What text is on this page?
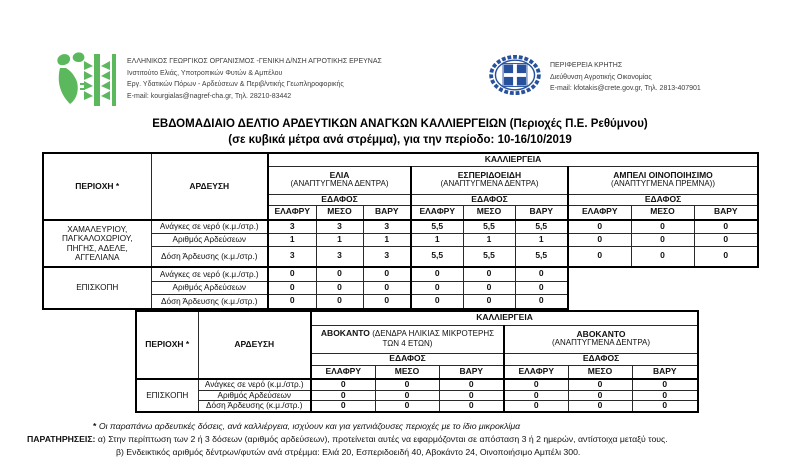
ΕΛΛΗΝΙΚΟΣ ΓΕΩΡΓΙΚΟΣ ΟΡΓΑΝΙΣΜΟΣ -ΓΕΝΙΚΗ Δ/ΝΣΗ ΑΓΡΟΤΙΚΗΣ ΕΡΕΥΝΑΣ
Ινστιτούτο Ελιάς, Υποτροπικών Φυτών & Αμπέλου
Εργ. Υδατικών Πόρων - Αρδεύσεων & Περιβ/ντικής Γεωπληροφορικής
E-mail: kourgialas@nagref-cha.gr, Τηλ. 28210-83442
ΠΕΡΙΦΕΡΕΙΑ ΚΡΗΤΗΣ
Διεύθυνση Αγροτικής Οικονομίας
E-mail: kfotakis@crete.gov.gr, Τηλ. 2813-407901
ΕΒΔΟΜΑΔΙΑΙΟ ΔΕΛΤΙΟ ΑΡΔΕΥΤΙΚΩΝ ΑΝΑΓΚΩΝ ΚΑΛΛΙΕΡΓΕΙΩΝ (Περιοχές Π.Ε. Ρεθύμνου)
(σε κυβικά μέτρα ανά στρέμμα), για την περίοδο: 10-16/10/2019
ΠΕΡΙΟΧΗ *	ΑΡΔΕΥΣΗ	ΚΑΛΛΙΕΡΓΕΙΑ								
		ΕΛΙΑ
(ΑΝΑΠΤΥΓΜΕΝΑ ΔΕΝΤΡΑ)			ΕΣΠΕΡΙΔΟΕΙΔΗ
(ΑΝΑΠΤΥΓΜΕΝΑ ΔΕΝΤΡΑ)			ΑΜΠΕΛΙ ΟΙΝΟΠΟΙΗΣΙΜΟ
(ΑΝΑΠΤΥΓΜΕΝΑ ΠΡΕΜΝΑ))		

		ΕΔΑΦΟΣ			ΕΔΑΦΟΣ			ΕΔΑΦΟΣ		
		ΕΛΑΦΡΥ	ΜΕΣΟ	ΒΑΡΥ	ΕΛΑΦΡΥ	ΜΕΣΟ	ΒΑΡΥ	ΕΛΑΦΡΥ	ΜΕΣΟ	ΒΑΡΥ
ΧΑΜΑΛΕΥΡΙΟΥ, ΠΑΓΚΑΛΟΧΩΡΙΟΥ, ΠΗΓΗΣ, ΑΔΕΛΕ, ΑΓΓΕΛΙΑΝΑ	Ανάγκες σε νερό (κ.μ./στρ.)	3	3	3	5,5	5,5	5,5	0	0	0
	Αριθμός Αρδεύσεων	1	1	1	1	1	1	0	0	0
	Δόση Άρδευσης (κ.μ./στρ.)	3	3	3	5,5	5,5	5,5	0	0	0
ΕΠΙΣΚΟΠΗ	Ανάγκες σε νερό (κ.μ./στρ.)	0	0	0	0	0	0			
	Αριθμός Αρδεύσεων	0	0	0	0	0	0			
	Δόση Άρδευσης (κ.μ./στρ.)	0	0	0	0	0	0			
ΠΕΡΙΟΧΗ *	ΑΡΔΕΥΣΗ	ΚΑΛΛΙΕΡΓΕΙΑ					
		ΑΒΟΚΑΝΤΟ (ΔΕΝΔΡΑ ΗΛΙΚΙΑΣ ΜΙΚΡΟΤΕΡΗΣ ΤΩΝ 4 ΕΤΩΝ)			ΑΒΟΚΑΝΤΟ
(ΑΝΑΠΤΥΓΜΕΝΑ ΔΕΝΤΡΑ)		

		ΕΔΑΦΟΣ			ΕΔΑΦΟΣ		
		ΕΛΑΦΡΥ	ΜΕΣΟ	ΒΑΡΥ	ΕΛΑΦΡΥ	ΜΕΣΟ	ΒΑΡΥ
ΕΠΙΣΚΟΠΗ	Ανάγκες σε νερό (κ.μ./στρ.)	0	0	0	0	0	0
	Αριθμός Αρδεύσεων	0	0	0	0	0	0
	Δόση Άρδευσης (κ.μ./στρ.)	0	0	0	0	0	0
* Οι παραπάνω αρδευτικές δόσεις, ανά καλλιέργεια, ισχύουν και για γειτνιάζουσες περιοχές με το ίδιο μικροκλίμα
ΠΑΡΑΤΗΡΗΣΕΙΣ: α) Στην περίπτωση των 2 ή 3 δόσεων (αριθμός αρδεύσεων), προτείνεται αυτές να εφαρμόζονται σε απόσταση 3 ή 2 ημερών, αντίστοιχα μεταξύ τους.
β) Ενδεικτικός αριθμός δέντρων/φυτών ανά στρέμμα: Ελιά 20, Εσπεριδοειδή 40, Αβοκάντο 24, Οινοποιήσιμο Αμπέλι 300.
